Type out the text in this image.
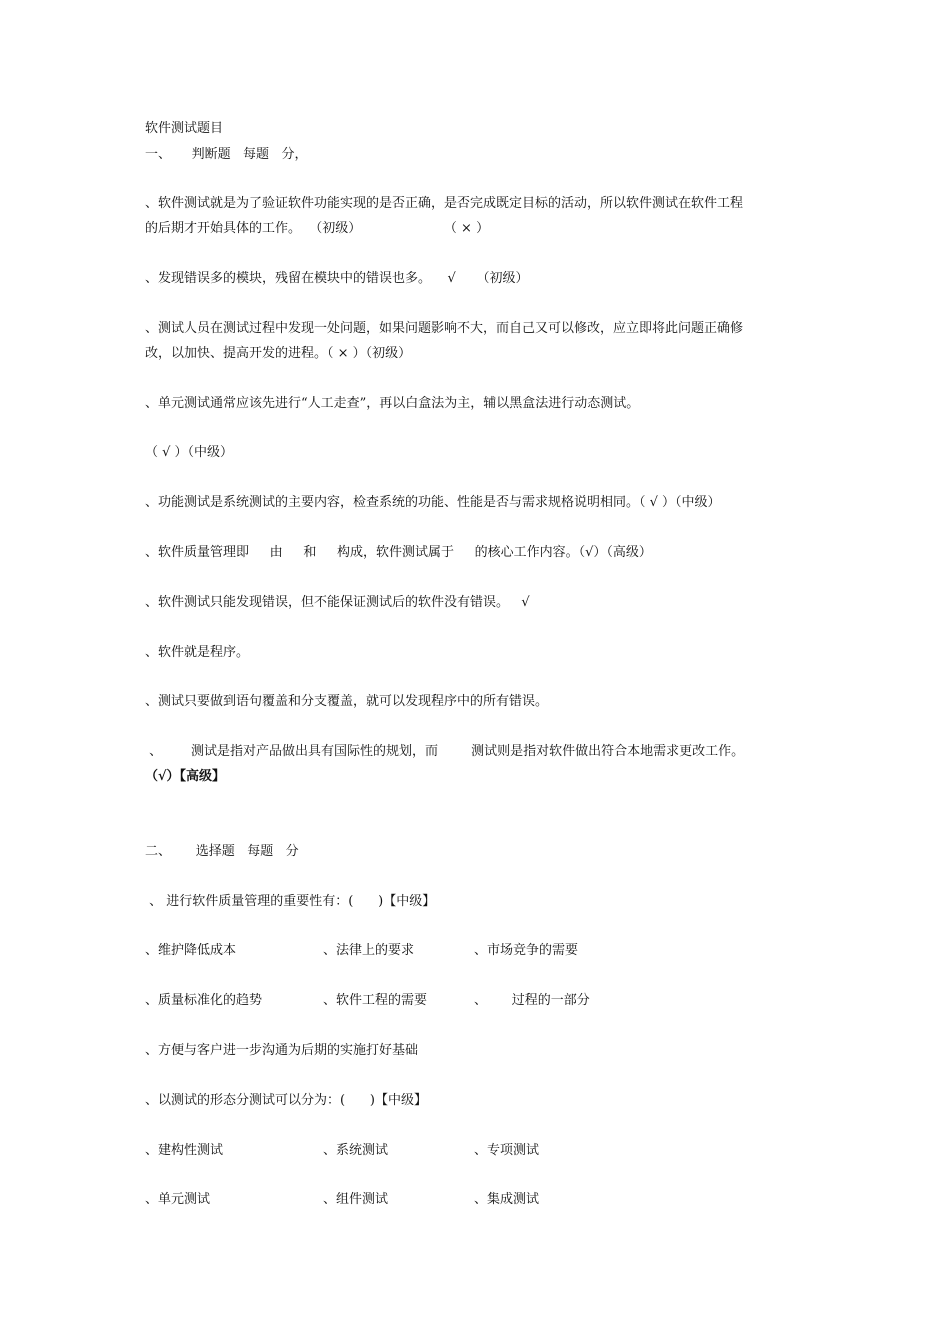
软件测试题目
一、     判断题   每题   分，
、软件测试就是为了验证软件功能实现的是否正确，是否完成既定目标的活动，所以软件测试在软件工程
的后期才开始具体的工作。  （初级）                    （ × ）
、发现错误多的模块，残留在模块中的错误也多。    √     （初级）
、测试人员在测试过程中发现一处问题，如果问题影响不大，而自己又可以修改，应立即将此问题正确修
改，以加快、提高开发的进程。（ × ）（初级）
、单元测试通常应该先进行“人工走查”，再以白盒法为主，辅以黑盒法进行动态测试。
（ √ ）（中级）
、功能测试是系统测试的主要内容，检查系统的功能、性能是否与需求规格说明相同。（ √ ）（中级）
、软件质量管理即     由     和     构成，软件测试属于     的核心工作内容。（√）（高级）
、软件测试只能发现错误，但不能保证测试后的软件没有错误。   √
、软件就是程序。
、测试只要做到语句覆盖和分支覆盖，就可以发现程序中的所有错误。
、       测试是指对产品做出具有国际性的规划，而        测试则是指对软件做出符合本地需求更改工作。
（√）【高级】
二、      选择题   每题   分
、 进行软件质量管理的重要性有：(      )【中级】
、维护降低成本	、法律上的要求	、市场竞争的需要
、质量标准化的趋势	、软件工程的需要	、      过程的一部分
、方便与客户进一步沟通为后期的实施打好基础
、以测试的形态分测试可以分为：(      )【中级】
、建构性测试	、系统测试	、专项测试
、单元测试	、组件测试	、集成测试
